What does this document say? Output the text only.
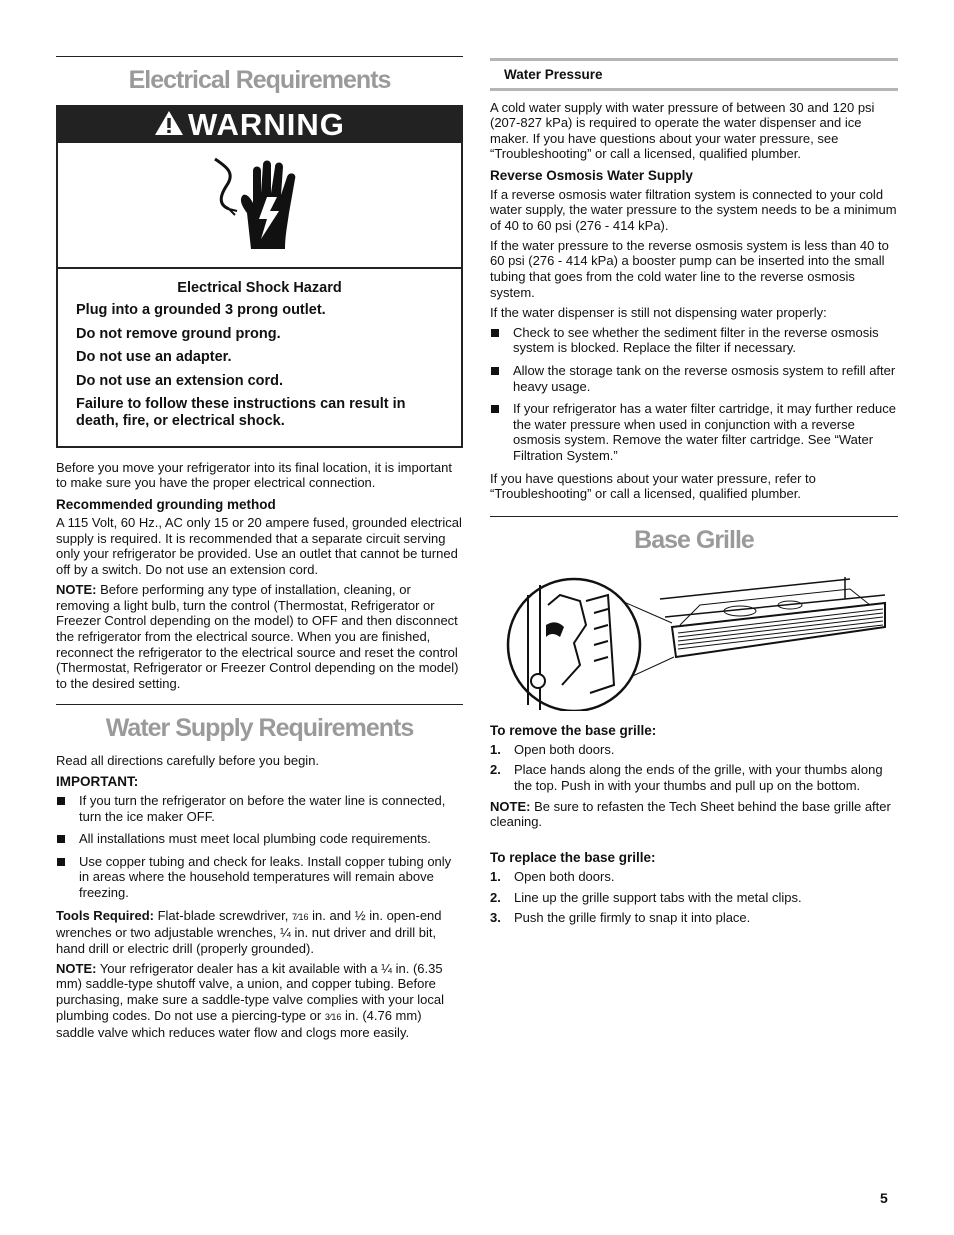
Electrical Requirements
WARNING

Electrical Shock Hazard

Plug into a grounded 3 prong outlet.

Do not remove ground prong.

Do not use an adapter.

Do not use an extension cord.

Failure to follow these instructions can result in death, fire, or electrical shock.

Before you move your refrigerator into its final location, it is important to make sure you have the proper electrical connection.

Recommended grounding method

A 115 Volt, 60 Hz., AC only 15 or 20 ampere fused, grounded electrical supply is required. It is recommended that a separate circuit serving only your refrigerator be provided. Use an outlet that cannot be turned off by a switch. Do not use an extension cord.

NOTE: Before performing any type of installation, cleaning, or removing a light bulb, turn the control (Thermostat, Refrigerator or Freezer Control depending on the model) to OFF and then disconnect the refrigerator from the electrical source. When you are finished, reconnect the refrigerator to the electrical source and reset the control (Thermostat, Refrigerator or Freezer Control depending on the model) to the desired setting.

Water Supply Requirements

Read all directions carefully before you begin.

IMPORTANT:

If you turn the refrigerator on before the water line is connected, turn the ice maker OFF.
All installations must meet local plumbing code requirements.
Use copper tubing and check for leaks. Install copper tubing only in areas where the household temperatures will remain above freezing.

Tools Required: Flat-blade screwdriver, 7⁄16 in. and ½ in. open-end wrenches or two adjustable wrenches, ¼ in. nut driver and drill bit, hand drill or electric drill (properly grounded).

NOTE: Your refrigerator dealer has a kit available with a ¼ in. (6.35 mm) saddle-type shutoff valve, a union, and copper tubing. Before purchasing, make sure a saddle-type valve complies with your local plumbing codes. Do not use a piercing-type or 3⁄16 in. (4.76 mm) saddle valve which reduces water flow and clogs more easily.

Water Pressure

A cold water supply with water pressure of between 30 and 120 psi (207-827 kPa) is required to operate the water dispenser and ice maker. If you have questions about your water pressure, see “Troubleshooting” or call a licensed, qualified plumber.

Reverse Osmosis Water Supply

If a reverse osmosis water filtration system is connected to your cold water supply, the water pressure to the system needs to be a minimum of 40 to 60 psi (276 - 414 kPa).

If the water pressure to the reverse osmosis system is less than 40 to 60 psi (276 - 414 kPa) a booster pump can be inserted into the small tubing that goes from the cold water line to the reverse osmosis system.

If the water dispenser is still not dispensing water properly:

Check to see whether the sediment filter in the reverse osmosis system is blocked. Replace the filter if necessary.
Allow the storage tank on the reverse osmosis system to refill after heavy usage.
If your refrigerator has a water filter cartridge, it may further reduce the water pressure when used in conjunction with a reverse osmosis system. Remove the water filter cartridge. See “Water Filtration System.”

If you have questions about your water pressure, refer to “Troubleshooting” or call a licensed, qualified plumber.

Base Grille

To remove the base grille:

1. Open both doors.
2. Place hands along the ends of the grille, with your thumbs along the top. Push in with your thumbs and pull up on the bottom.

NOTE: Be sure to refasten the Tech Sheet behind the base grille after cleaning.

To replace the base grille:

1. Open both doors.
2. Line up the grille support tabs with the metal clips.
3. Push the grille firmly to snap it into place.
5
